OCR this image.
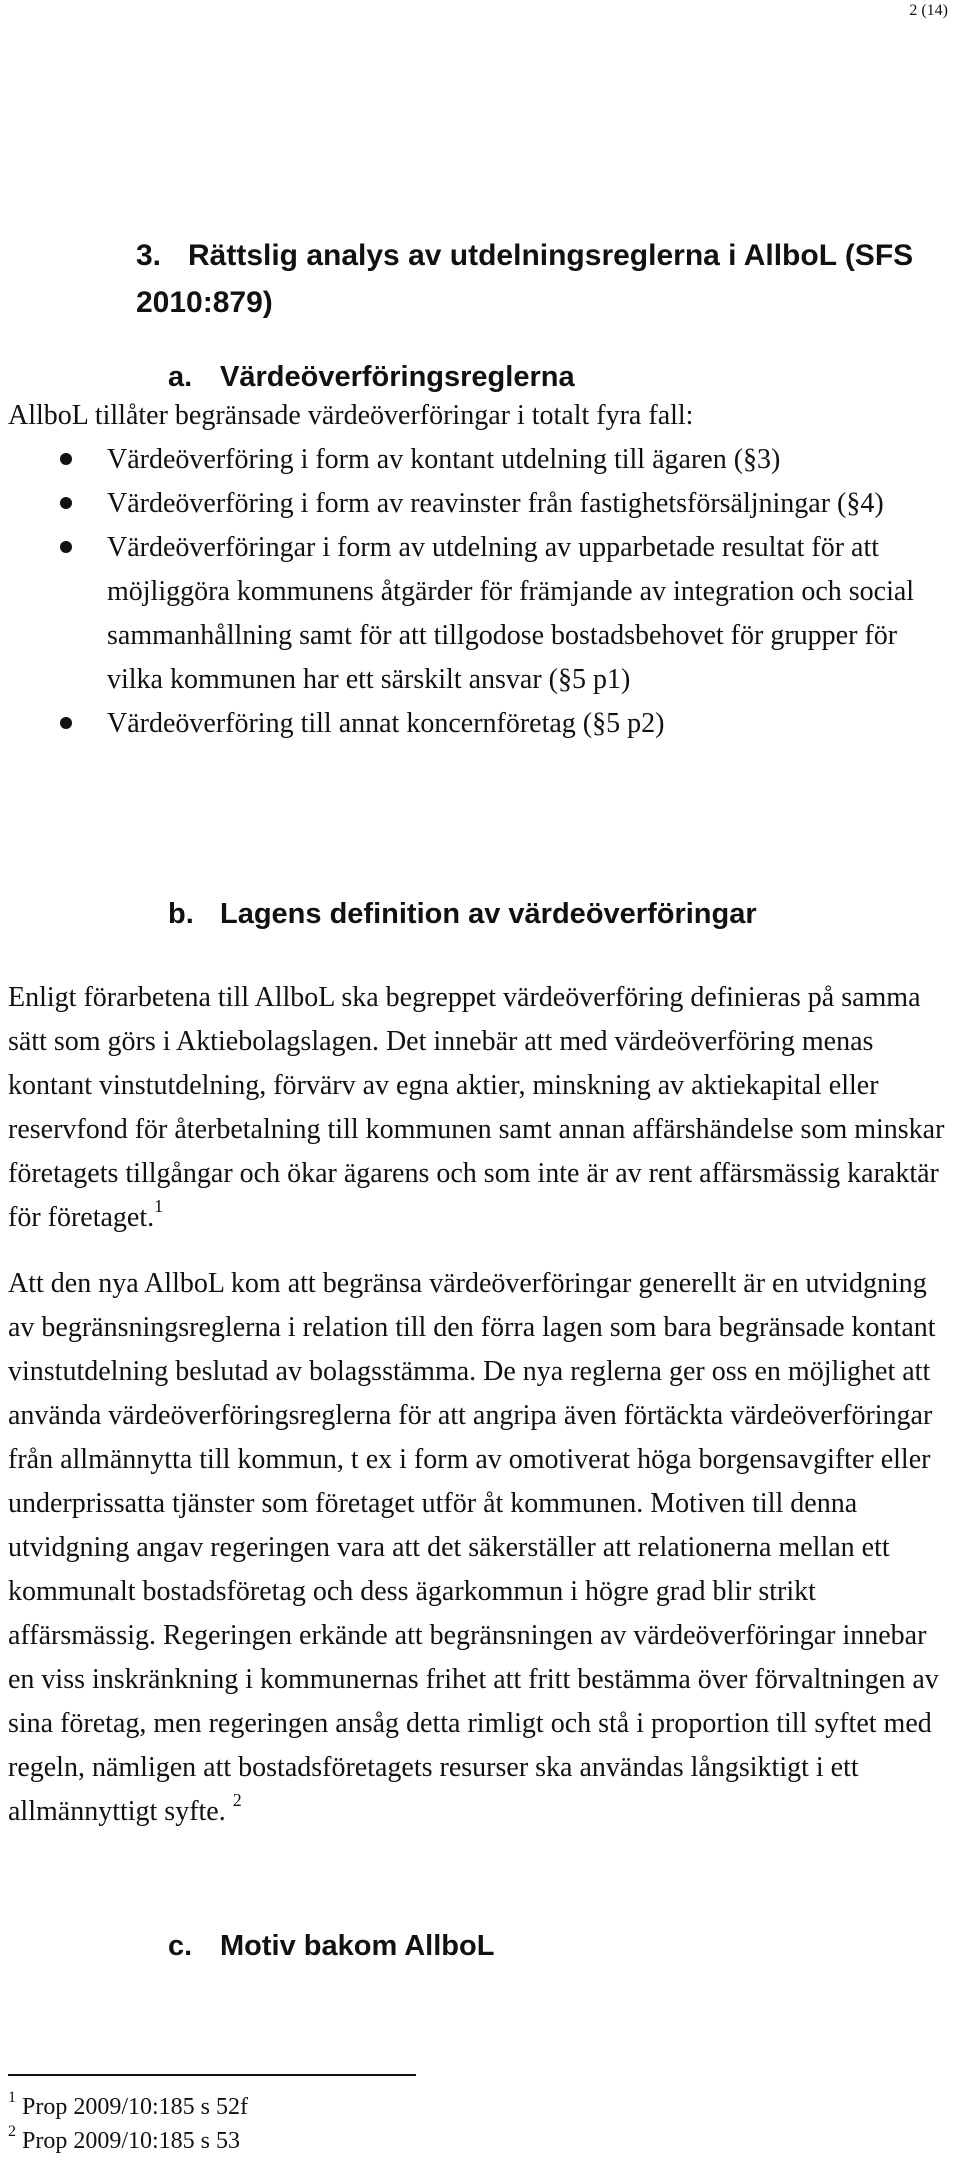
2 (14)
3. Rättslig analys av utdelningsreglerna i AllboL (SFS 2010:879)
a. Värdeöverföringsreglerna

AllboL tillåter begränsade värdeöverföringar i totalt fyra fall:

Värdeöverföring i form av kontant utdelning till ägaren (§3)
Värdeöverföring i form av reavinster från fastighetsförsäljningar (§4)
Värdeöverföringar i form av utdelning av upparbetade resultat för att möjliggöra kommunens åtgärder för främjande av integration och social sammanhållning samt för att tillgodose bostadsbehovet för grupper för vilka kommunen har ett särskilt ansvar (§5 p1)
Värdeöverföring till annat koncernföretag (§5 p2)
b. Lagens definition av värdeöverföringar

Enligt förarbetena till AllboL ska begreppet värdeöverföring definieras på samma sätt som görs i Aktiebolagslagen. Det innebär att med värdeöverföring menas kontant vinstutdelning, förvärv av egna aktier, minskning av aktiekapital eller reservfond för återbetalning till kommunen samt annan affärshändelse som minskar företagets tillgångar och ökar ägarens och som inte är av rent affärsmässig karaktär för företaget.$^1$

Att den nya AllboL kom att begränsa värdeöverföringar generellt är en utvidgning av begränsningsreglerna i relation till den förra lagen som bara begränsade kontant vinstutdelning beslutad av bolagsstämma. De nya reglerna ger oss en möjlighet att använda värdeöverföringsreglerna för att angripa även förtäckta värdeöverföringar från allmännytta till kommun, t ex i form av omotiverat höga borgensavgifter eller underprissatta tjänster som företaget utför åt kommunen. Motiven till denna utvidgning angav regeringen vara att det säkerställer att relationerna mellan ett kommunalt bostadsföretag och dess ägarkommun i högre grad blir strikt affärsmässig. Regeringen erkände att begränsningen av värdeöverföringar innebar en viss inskränkning i kommunernas frihet att fritt bestämma över förvaltningen av sina företag, men regeringen ansåg detta rimligt och stå i proportion till syftet med regeln, nämligen att bostadsföretagets resurser ska användas långsiktigt i ett allmännyttigt syfte. $^2$

c. Motiv bakom AllboL
$^1$ Prop 2009/10:185 s 52f
$^2$ Prop 2009/10:185 s 53
